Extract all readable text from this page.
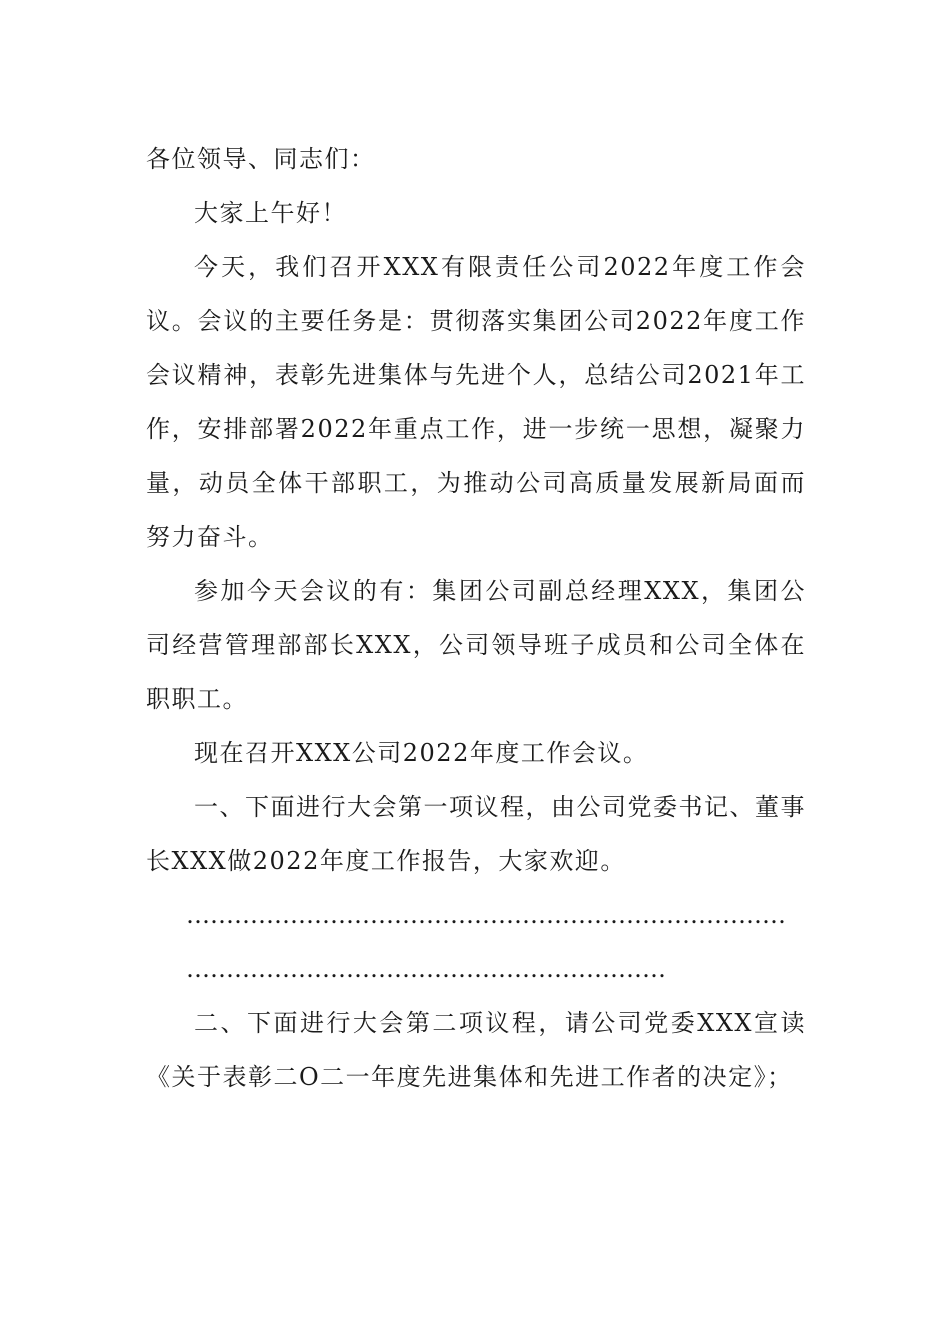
各位领导、同志们：

大家上午好！

今天，我们召开XXX有限责任公司2022年度工作会议。会议的主要任务是：贯彻落实集团公司2022年度工作会议精神，表彰先进集体与先进个人，总结公司2021年工作，安排部署2022年重点工作，进一步统一思想，凝聚力量，动员全体干部职工，为推动公司高质量发展新局面而努力奋斗。

参加今天会议的有：集团公司副总经理XXX，集团公司经营管理部部长XXX，公司领导班子成员和公司全体在职职工。

现在召开XXX公司2022年度工作会议。

一、下面进行大会第一项议程，由公司党委书记、董事长XXX做2022年度工作报告，大家欢迎。

………………………………………………………………………………………………………………………

二、下面进行大会第二项议程，请公司党委XXX宣读《关于表彰二О二一年度先进集体和先进工作者的决定》；
